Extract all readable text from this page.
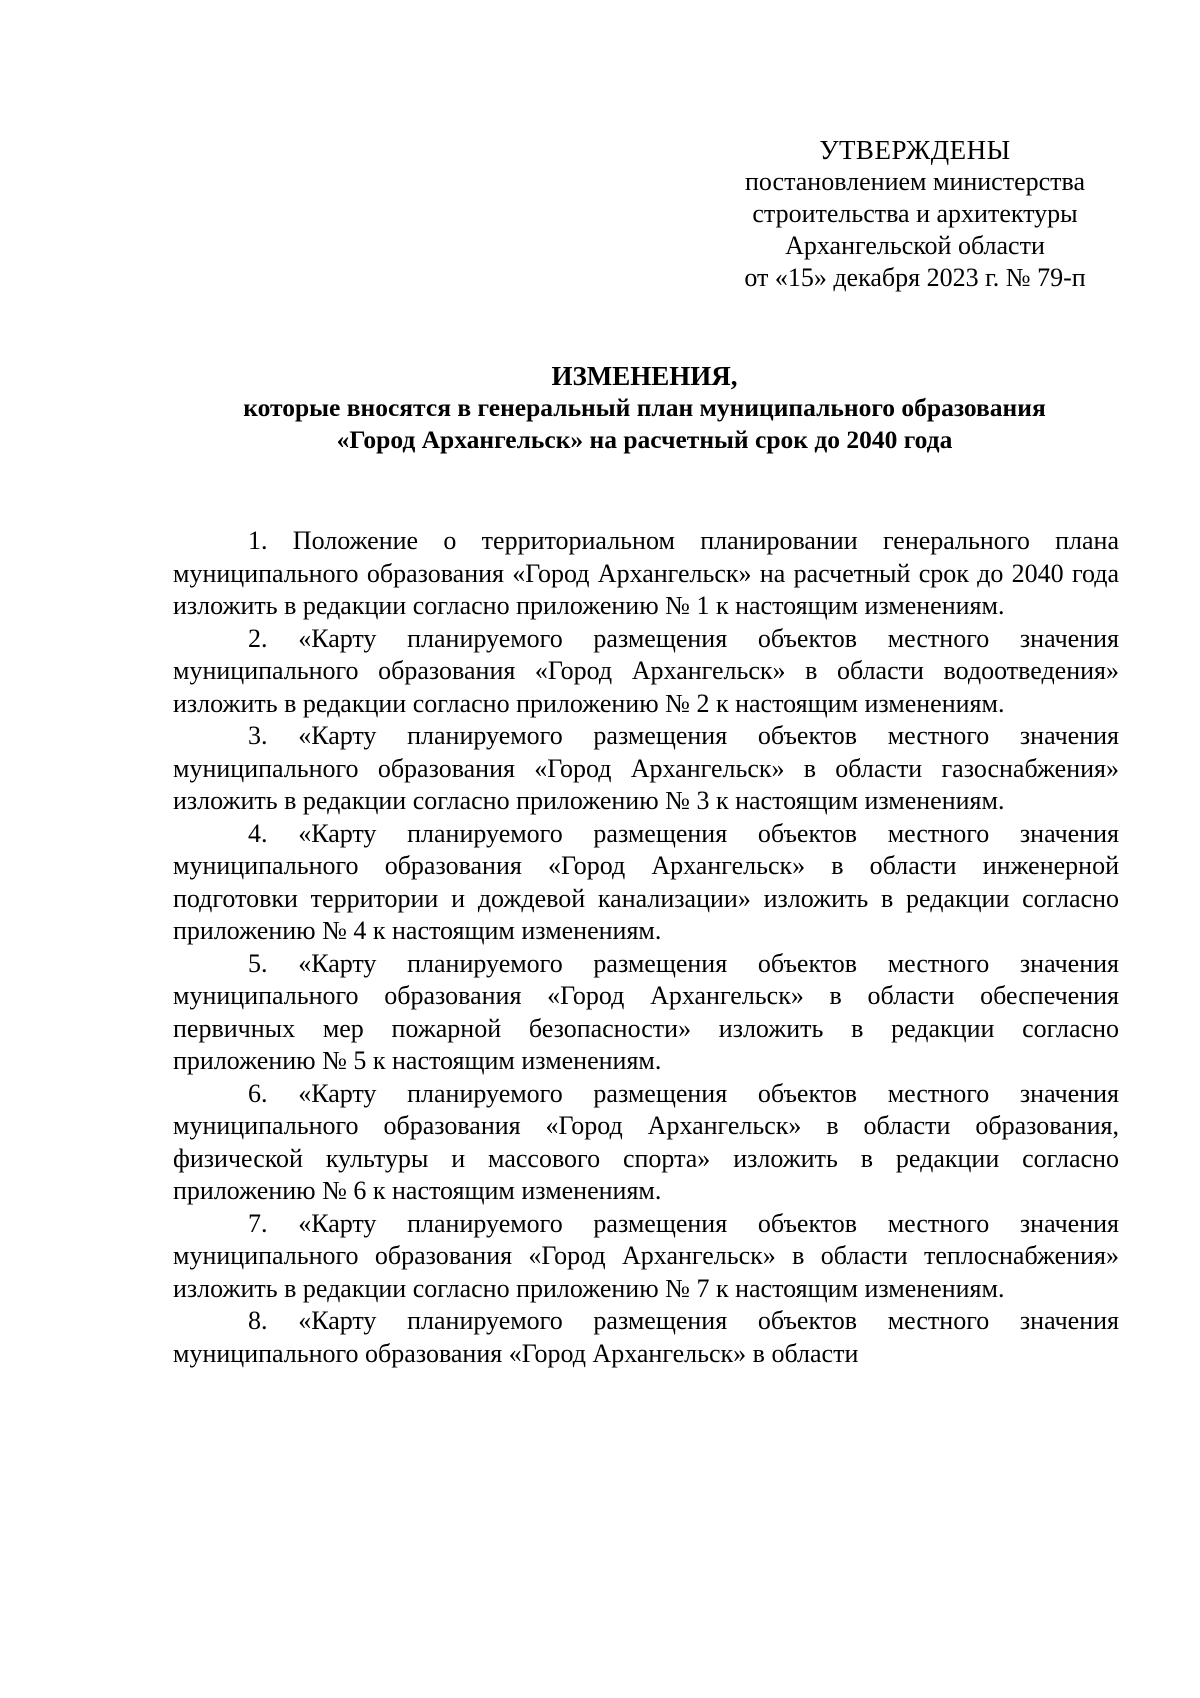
УТВЕРЖДЕНЫ
постановлением министерства
строительства и архитектуры
Архангельской области
от «15» декабря 2023 г. № 79-п
ИЗМЕНЕНИЯ,
которые вносятся в генеральный план муниципального образования
«Город Архангельск» на расчетный срок до 2040 года

1. Положение о территориальном планировании генерального плана муниципального образования «Город Архангельск» на расчетный срок до 2040 года изложить в редакции согласно приложению № 1 к настоящим изменениям.

2. «Карту планируемого размещения объектов местного значения муниципального образования «Город Архангельск» в области водоотведения» изложить в редакции согласно приложению № 2 к настоящим изменениям.

3. «Карту планируемого размещения объектов местного значения муниципального образования «Город Архангельск» в области газоснабжения» изложить в редакции согласно приложению № 3 к настоящим изменениям.

4. «Карту планируемого размещения объектов местного значения муниципального образования «Город Архангельск» в области инженерной подготовки территории и дождевой канализации» изложить в редакции согласно приложению № 4 к настоящим изменениям.

5. «Карту планируемого размещения объектов местного значения муниципального образования «Город Архангельск» в области обеспечения первичных мер пожарной безопасности» изложить в редакции согласно приложению № 5 к настоящим изменениям.

6. «Карту планируемого размещения объектов местного значения муниципального образования «Город Архангельск» в области образования, физической культуры и массового спорта» изложить в редакции согласно приложению № 6 к настоящим изменениям.

7. «Карту планируемого размещения объектов местного значения муниципального образования «Город Архангельск» в области теплоснабжения» изложить в редакции согласно приложению № 7 к настоящим изменениям.

8. «Карту планируемого размещения объектов местного значения муниципального образования «Город Архангельск» в области
